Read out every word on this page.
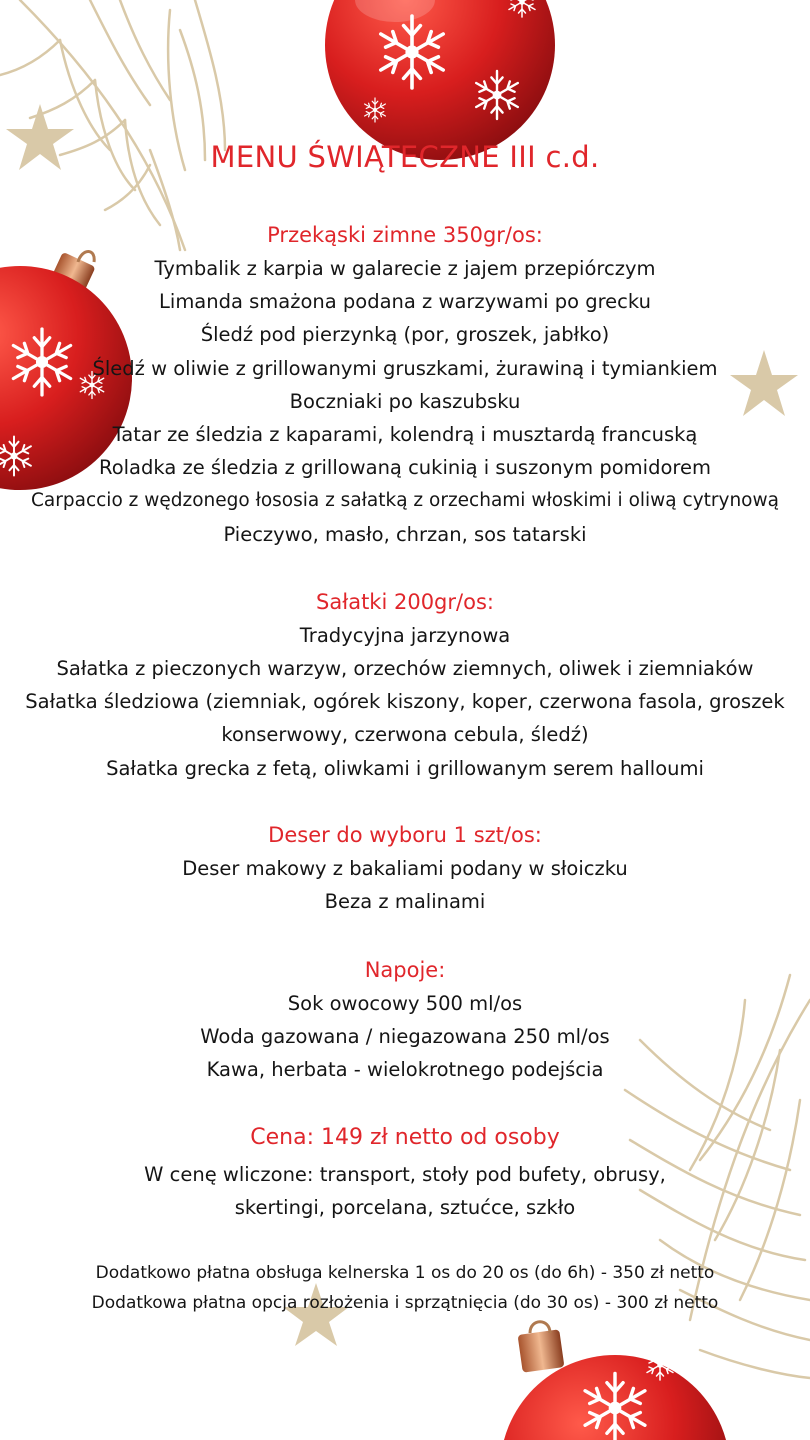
MENU ŚWIĄTECZNE III c.d.
Przekąski zimne 350gr/os:
Tymbalik z karpia w galarecie z jajem przepiórczym
Limanda smażona podana z warzywami po grecku
Śledź pod pierzynką (por, groszek, jabłko)
Śledź w oliwie z grillowanymi gruszkami, żurawiną i tymiankiem
Boczniaki po kaszubsku
Tatar ze śledzia z kaparami, kolendrą i musztardą francuską
Roladka ze śledzia z grillowaną cukinią i suszonym pomidorem
Carpaccio z wędzonego łososia z sałatką z orzechami włoskimi i oliwą cytrynową
Pieczywo, masło, chrzan, sos tatarski
Sałatki 200gr/os:
Tradycyjna jarzynowa
Sałatka z pieczonych warzyw, orzechów ziemnych, oliwek i ziemniaków
Sałatka śledziowa (ziemniak, ogórek kiszony, koper, czerwona fasola, groszek
konserwowy, czerwona cebula, śledź)
Sałatka grecka z fetą, oliwkami i grillowanym serem halloumi
Deser do wyboru 1 szt/os:
Deser makowy z bakaliami podany w słoiczku
Beza z malinami
Napoje:
Sok owocowy 500 ml/os
Woda gazowana / niegazowana 250 ml/os
Kawa, herbata - wielokrotnego podejścia
Cena: 149 zł netto od osoby
W cenę wliczone: transport, stoły pod bufety, obrusy,
skertingi, porcelana, sztućce, szkło
Dodatkowo płatna obsługa kelnerska 1 os do 20 os (do 6h) - 350 zł netto
Dodatkowa płatna opcja rozłożenia i sprzątnięcia (do 30 os) - 300 zł netto
